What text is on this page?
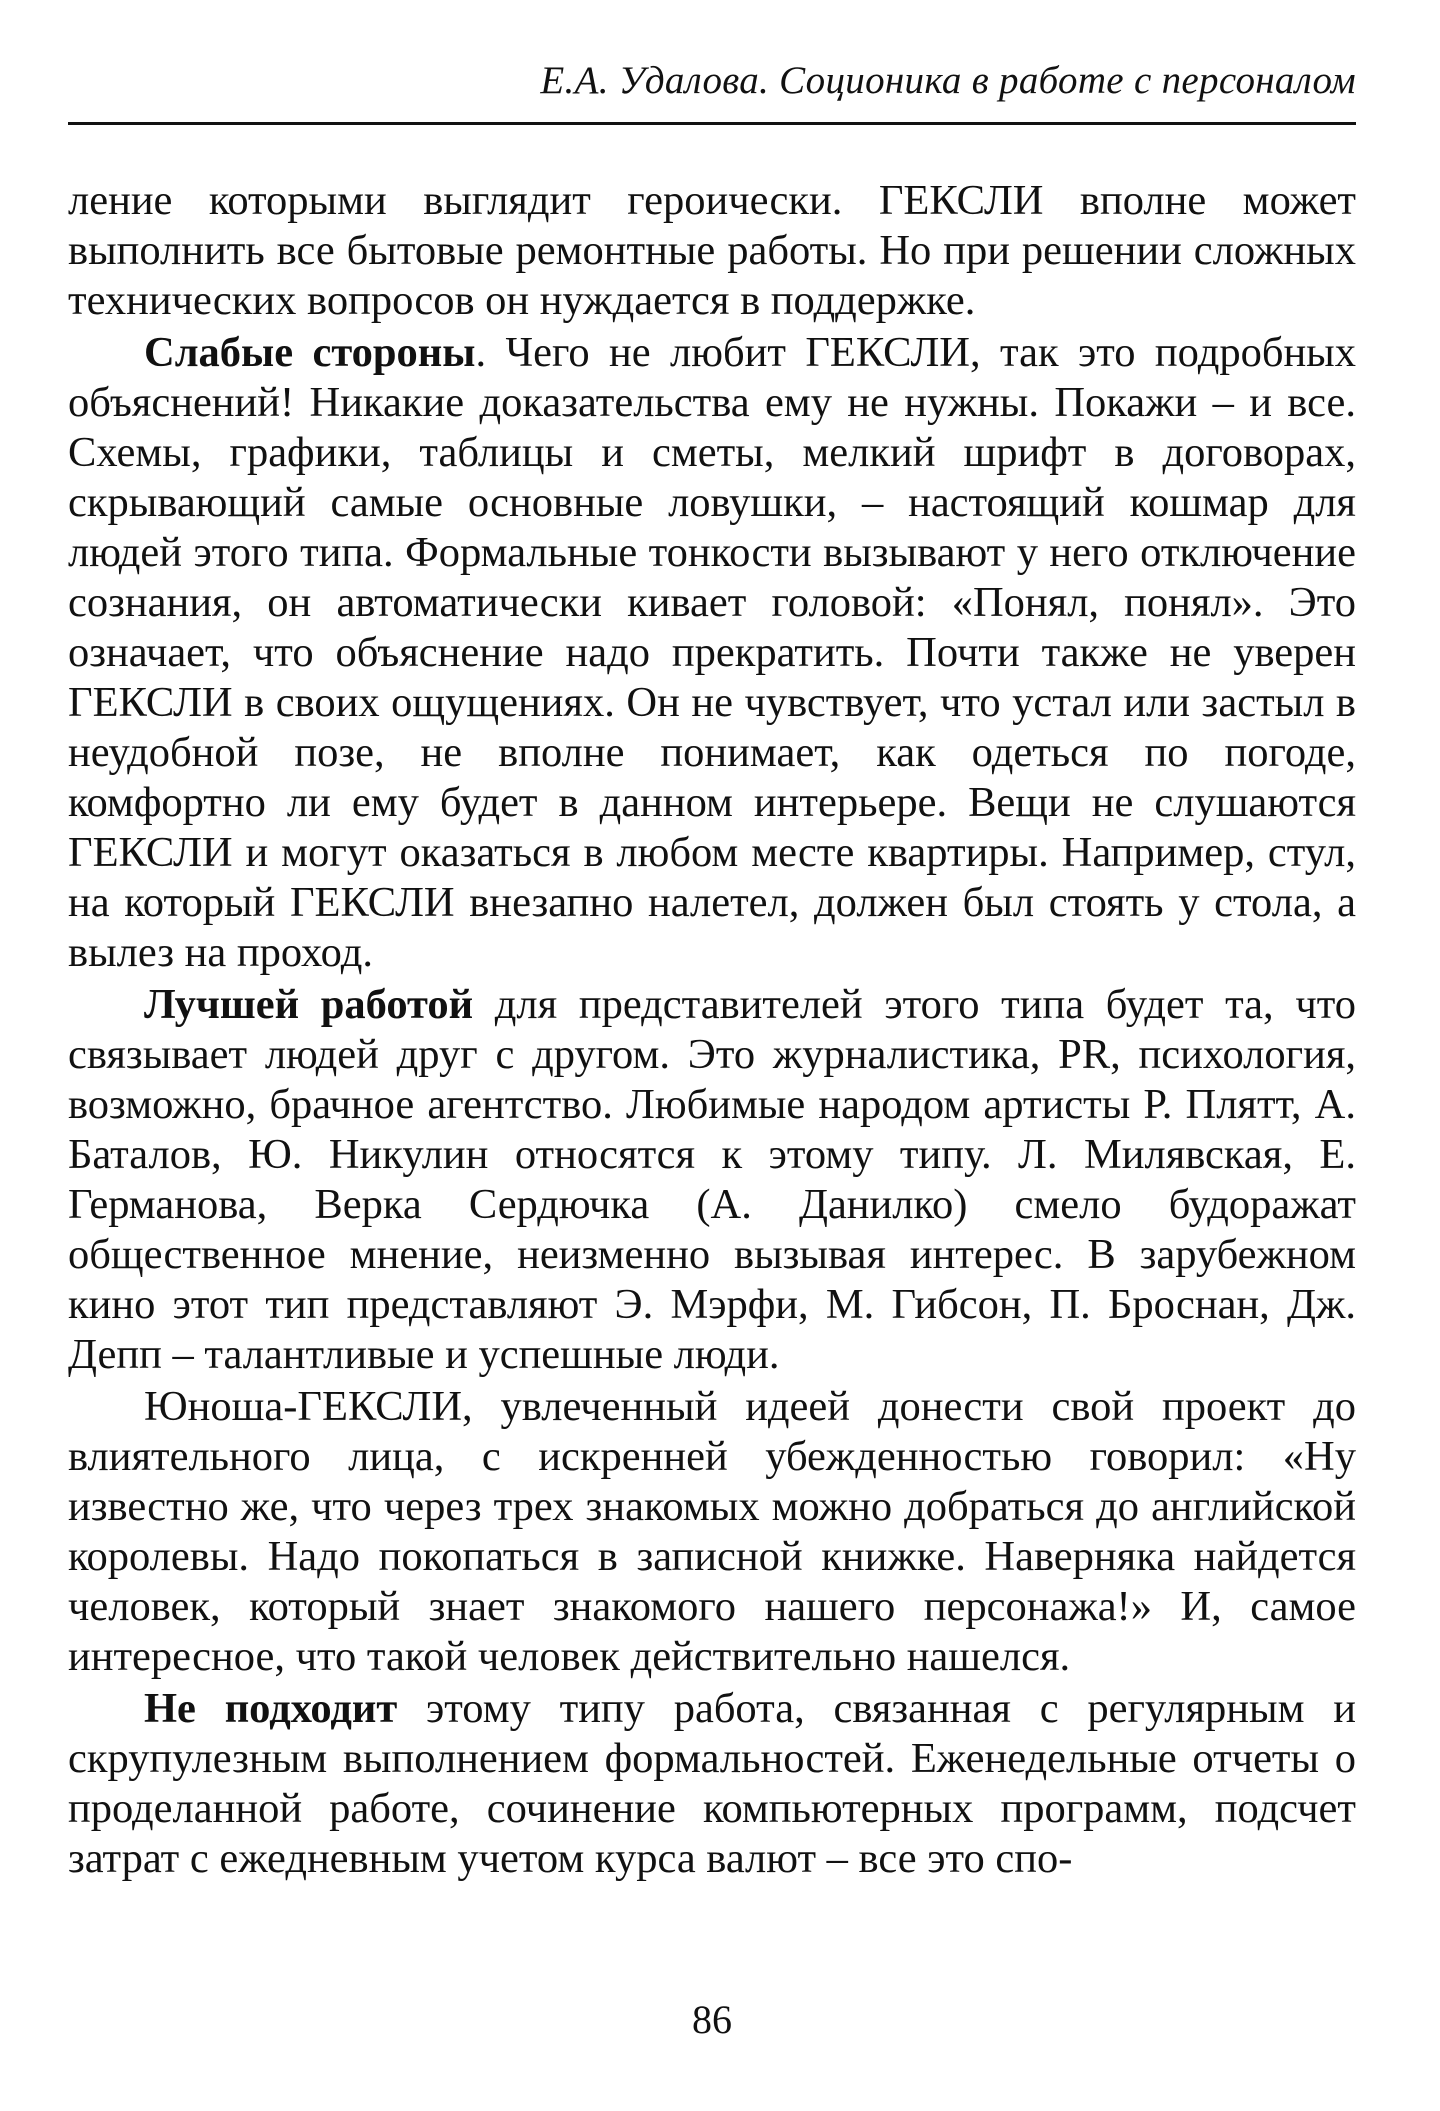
Е.А. Удалова. Соционика в работе с персоналом

ление которыми выглядит героически. ГЕКСЛИ вполне может выполнить все бытовые ремонтные работы. Но при решении сложных технических вопросов он нуждается в поддержке.

Слабые стороны. Чего не любит ГЕКСЛИ, так это подробных объяснений! Никакие доказательства ему не нужны. Покажи – и все. Схемы, графики, таблицы и сметы, мелкий шрифт в договорах, скрывающий самые основные ловушки, – настоящий кошмар для людей этого типа. Формальные тонкости вызывают у него отключение сознания, он автоматически кивает головой: «Понял, понял». Это означает, что объяснение надо прекратить. Почти также не уверен ГЕКСЛИ в своих ощущениях. Он не чувствует, что устал или застыл в неудобной позе, не вполне понимает, как одеться по погоде, комфортно ли ему будет в данном интерьере. Вещи не слушаются ГЕКСЛИ и могут оказаться в любом месте квартиры. Например, стул, на который ГЕКСЛИ внезапно налетел, должен был стоять у стола, а вылез на проход.

Лучшей работой для представителей этого типа будет та, что связывает людей друг с другом. Это журналистика, PR, психология, возможно, брачное агентство. Любимые народом артисты Р. Плятт, А. Баталов, Ю. Никулин относятся к этому типу. Л. Милявская, Е. Германова, Верка Сердючка (А. Данилко) смело будоражат общественное мнение, неизменно вызывая интерес. В зарубежном кино этот тип представляют Э. Мэрфи, М. Гибсон, П. Броснан, Дж. Депп – талантливые и успешные люди.

Юноша-ГЕКСЛИ, увлеченный идеей донести свой проект до влиятельного лица, с искренней убежденностью говорил: «Ну известно же, что через трех знакомых можно добраться до английской королевы. Надо покопаться в записной книжке. Наверняка найдется человек, который знает знакомого нашего персонажа!» И, самое интересное, что такой человек действительно нашелся.

Не подходит этому типу работа, связанная с регулярным и скрупулезным выполнением формальностей. Еженедельные отчеты о проделанной работе, сочинение компьютерных программ, подсчет затрат с ежедневным учетом курса валют – все это спо-

86
